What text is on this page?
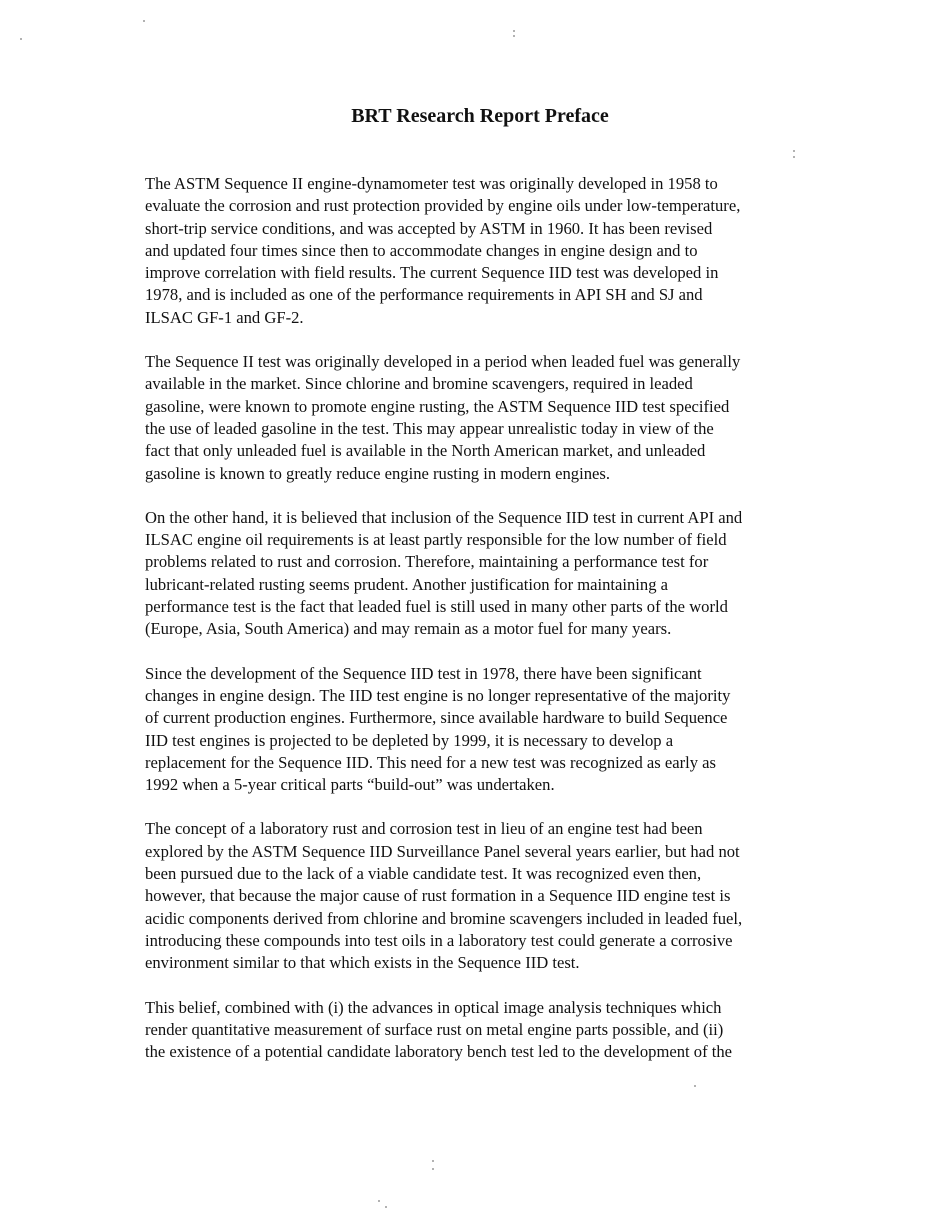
BRT Research Report Preface

The ASTM Sequence II engine-dynamometer test was originally developed in 1958 to
evaluate the corrosion and rust protection provided by engine oils under low-temperature,
short-trip service conditions, and was accepted by ASTM in 1960. It has been revised
and updated four times since then to accommodate changes in engine design and to
improve correlation with field results. The current Sequence IID test was developed in
1978, and is included as one of the performance requirements in API SH and SJ and
ILSAC GF-1 and GF-2.

The Sequence II test was originally developed in a period when leaded fuel was generally
available in the market. Since chlorine and bromine scavengers, required in leaded
gasoline, were known to promote engine rusting, the ASTM Sequence IID test specified
the use of leaded gasoline in the test. This may appear unrealistic today in view of the
fact that only unleaded fuel is available in the North American market, and unleaded
gasoline is known to greatly reduce engine rusting in modern engines.

On the other hand, it is believed that inclusion of the Sequence IID test in current API and
ILSAC engine oil requirements is at least partly responsible for the low number of field
problems related to rust and corrosion. Therefore, maintaining a performance test for
lubricant-related rusting seems prudent. Another justification for maintaining a
performance test is the fact that leaded fuel is still used in many other parts of the world
(Europe, Asia, South America) and may remain as a motor fuel for many years.

Since the development of the Sequence IID test in 1978, there have been significant
changes in engine design. The IID test engine is no longer representative of the majority
of current production engines. Furthermore, since available hardware to build Sequence
IID test engines is projected to be depleted by 1999, it is necessary to develop a
replacement for the Sequence IID. This need for a new test was recognized as early as
1992 when a 5-year critical parts “build-out” was undertaken.

The concept of a laboratory rust and corrosion test in lieu of an engine test had been
explored by the ASTM Sequence IID Surveillance Panel several years earlier, but had not
been pursued due to the lack of a viable candidate test. It was recognized even then,
however, that because the major cause of rust formation in a Sequence IID engine test is
acidic components derived from chlorine and bromine scavengers included in leaded fuel,
introducing these compounds into test oils in a laboratory test could generate a corrosive
environment similar to that which exists in the Sequence IID test.

This belief, combined with (i) the advances in optical image analysis techniques which
render quantitative measurement of surface rust on metal engine parts possible, and (ii)
the existence of a potential candidate laboratory bench test led to the development of the
